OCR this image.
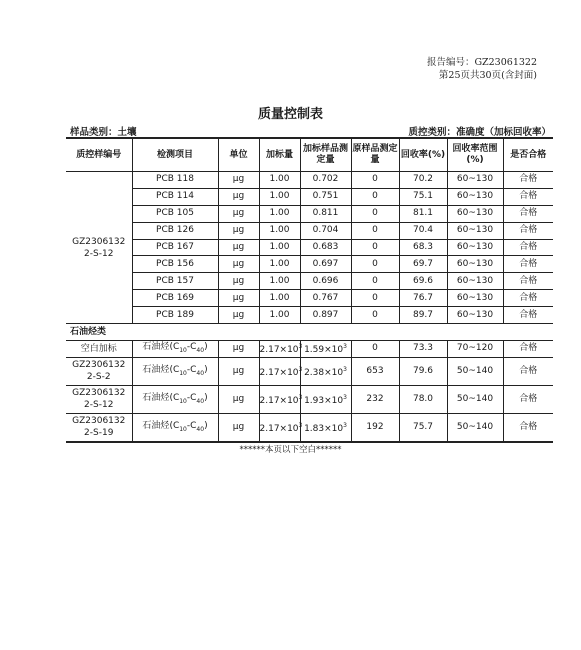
报告编号：GZ23061322
第25页共30页(含封面)
质量控制表
样品类别：土壤	质控类别：准确度（加标回收率）
质控样编号	检测项目	单位	加标量	加标样品测定量	原样品测定量	回收率(%)	回收率范围(%)	是否合格

GZ2306132
2-S-12	PCB 118	μg	1.00	0.702	0	70.2	60~130	合格
	PCB 114	μg	1.00	0.751	0	75.1	60~130	合格
	PCB 105	μg	1.00	0.811	0	81.1	60~130	合格
	PCB 126	μg	1.00	0.704	0	70.4	60~130	合格
	PCB 167	μg	1.00	0.683	0	68.3	60~130	合格
	PCB 156	μg	1.00	0.697	0	69.7	60~130	合格
	PCB 157	μg	1.00	0.696	0	69.6	60~130	合格
	PCB 169	μg	1.00	0.767	0	76.7	60~130	合格
	PCB 189	μg	1.00	0.897	0	89.7	60~130	合格
石油烃类								

空白加标	石油烃$(C_{10}-C_{40})$	μg	$2.17\times 10^3$	$1.59\times 10^3$	0	73.3	70~120	合格

GZ2306132
2-S-2	石油烃$(C_{10}-C_{40})$	μg	$2.17\times 10^3$	$2.38\times 10^3$	653	79.6	50~140	合格

GZ2306132
2-S-12	石油烃$(C_{10}-C_{40})$	μg	$2.17\times 10^3$	$1.93\times 10^3$	232	78.0	50~140	合格

GZ2306132
2-S-19	石油烃$(C_{10}-C_{40})$	μg	$2.17\times 10^3$	$1.83\times 10^3$	192	75.7	50~140	合格
******本页以下空白******
